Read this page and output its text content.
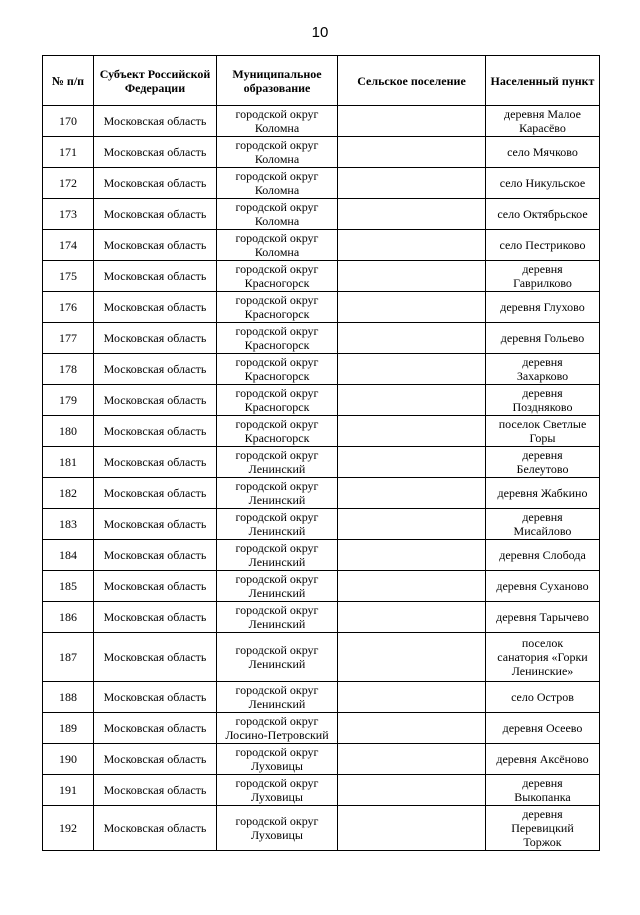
10
№ п/п	Субъект Российской Федерации	Муниципальное образование	Сельское поселение	Населенный пункт
170	Московская область	городской округ
Коломна		деревня Малое
Карасёво
171	Московская область	городской округ
Коломна		село Мячково
172	Московская область	городской округ
Коломна		село Никульское
173	Московская область	городской округ
Коломна		село Октябрьское
174	Московская область	городской округ
Коломна		село Пестриково
175	Московская область	городской округ
Красногорск		деревня
Гаврилково
176	Московская область	городской округ
Красногорск		деревня Глухово
177	Московская область	городской округ
Красногорск		деревня Гольево
178	Московская область	городской округ
Красногорск		деревня
Захарково
179	Московская область	городской округ
Красногорск		деревня
Поздняково
180	Московская область	городской округ
Красногорск		поселок Светлые
Горы
181	Московская область	городской округ
Ленинский		деревня
Белеутово
182	Московская область	городской округ
Ленинский		деревня Жабкино
183	Московская область	городской округ
Ленинский		деревня
Мисайлово
184	Московская область	городской округ
Ленинский		деревня Слобода
185	Московская область	городской округ
Ленинский		деревня Суханово
186	Московская область	городской округ
Ленинский		деревня Тарычево
187	Московская область	городской округ
Ленинский		поселок
санатория «Горки
Ленинские»
188	Московская область	городской округ
Ленинский		село Остров
189	Московская область	городской округ
Лосино-Петровский		деревня Осеево
190	Московская область	городской округ
Луховицы		деревня Аксёново
191	Московская область	городской округ
Луховицы		деревня
Выкопанка
192	Московская область	городской округ
Луховицы		деревня
Перевицкий
Торжок
